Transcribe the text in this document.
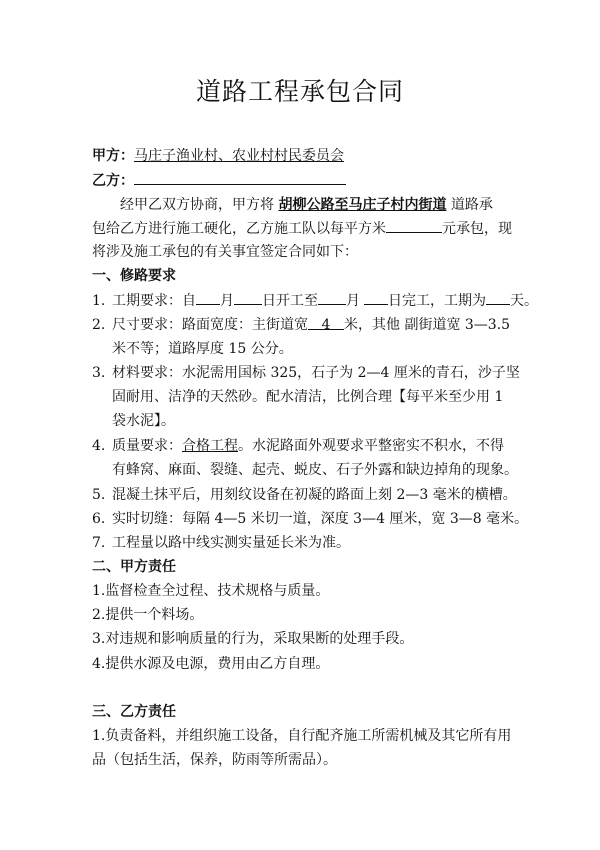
道路工程承包合同
甲方：马庄子渔业村、农业村村民委员会
乙方：
经甲乙双方协商，甲方将 胡柳公路至马庄子村内街道 道路承
包给乙方进行施工硬化，乙方施工队以每平方米	元承包，现
将涉及施工承包的有关事宜签定合同如下：
一、修路要求
1. 工期要求：自 月 日开工至 月 日完工，工期为 天。
2. 尺寸要求：路面宽度：主街道宽 4 米，其他 副街道宽 3—3.5
米不等；道路厚度 15 公分。
3. 材料要求：水泥需用国标 325，石子为 2—4 厘米的青石，沙子坚
固耐用、洁净的天然砂。配水清洁，比例合理【每平米至少用 1
袋水泥】。
4. 质量要求：合格工程。水泥路面外观要求平整密实不积水，不得
有蜂窝、麻面、裂缝、起壳、蜕皮、石子外露和缺边掉角的现象。
5. 混凝土抹平后，用刻纹设备在初凝的路面上刻 2—3 毫米的横槽。
6. 实时切缝：每隔 4—5 米切一道，深度 3—4 厘米，宽 3—8 毫米。
7. 工程量以路中线实测实量延长米为准。
二、甲方责任
1.监督检查全过程、技术规格与质量。
2.提供一个料场。
3.对违规和影响质量的行为，采取果断的处理手段。
4.提供水源及电源，费用由乙方自理。
三、乙方责任
1.负责备料，并组织施工设备，自行配齐施工所需机械及其它所有用
品（包括生活，保养，防雨等所需品）。
